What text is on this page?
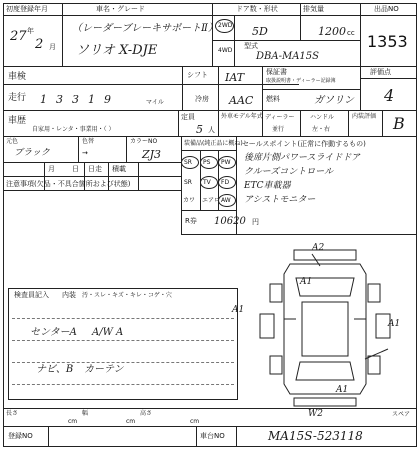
初度登録年月
27 年
2 月
車名・グレード
（レーダーブレーキサポートⅡ）
ソリオ X-DJE
ドア数・形状	排気量
2WD
4WD
5D	1200 cc
型式
DBA-MA15S
出品NO
1353
車検	シフト IAT	保証書
取扱説明書・ディーラー記録簿
評価点
4
走行 13319	マイル	冷房 AAC 燃料	ガソリン
車歴
自家用・レンタ・事業用・（ ）
定員
5 人
外車モデル年式 ディーラー
並行
ハンドル
左・右
内装評価 B
元色
ブラック
色替
→
カラーNO
ZJ3
月 日 日走 積載
注意事項(欠品・不具合箇所および状態)
装備品(純正品に概ね)
SR PS PW
SR TV FD
カワ エアロ AW
R券 10620 円
セールスポイント(正常に作動するもの)
後席片側パワースライドドア
クルーズコントロール
ETC車載器
アシストモニター
検査員記入 内装 汚・スレ・キズ・キレ・コゲ・穴
センターA A/W A
ナビ、B カーテン
A2
A1
A1
A1
W2
A1
スペア
長さ
cm
幅
cm
高さ
cm
登録NO	車台NO	MA15S-523118
